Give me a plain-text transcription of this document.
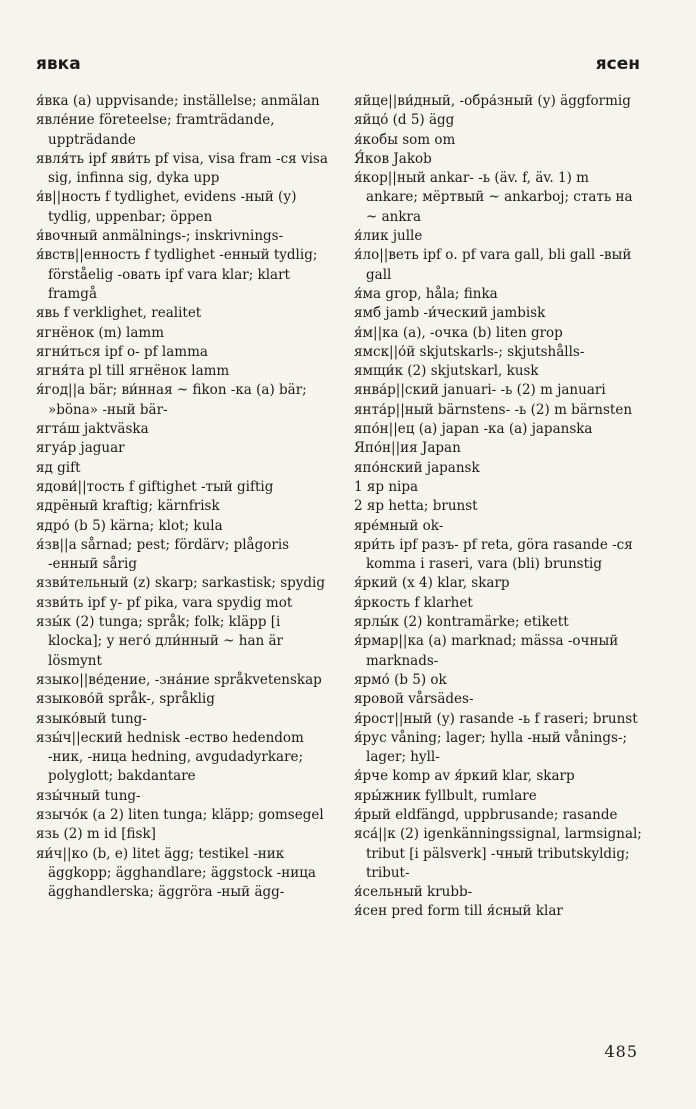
явка	ясен
я́вка (а) uppvisande; inställelse; anmälan
явле́ние företeelse; framträdande, uppträdande
явля́ть ipf яви́ть pf visa, visa fram -ся visa sig, infinna sig, dyka upp
я́в||ность f tydlighet, evidens -ный (у) tydlig, uppenbar; öppen
я́вочный anmälnings-; inskrivnings-
я́вств||енность f tydlighet -енный tydlig; förståelig -овать ipf vara klar; klart framgå
явь f verklighet, realitet
ягнёнок (m) lamm
ягни́ться ipf о- pf lamma
ягня́та pl till ягнёнок lamm
я́год||а bär; ви́нная ~ fikon -ка (а) bär; »böna» -ный bär-
ягта́ш jaktväska
ягуа́р jaguar
яд gift
ядови́||тость f giftighet -тый giftig
ядрёный kraftig; kärnfrisk
ядро́ (b 5) kärna; klot; kula
я́зв||а sårnad; pest; fördärv; plågoris -енный sårig
язви́тельный (z) skarp; sarkastisk; spydig
язви́ть ipf у- pf pika, vara spydig mot
язы́к (2) tunga; språk; folk; kläpp [i klocka]; у него́ дли́нный ~ han är lösmynt
языко||ве́дение, -зна́ние språkvetenskap
языково́й språk-, språklig
языко́вый tung-
язы́ч||еский hednisk -ество hedendom -ник, -ница hedning, avgudadyrkare; polyglott; bakdantare
язы́чный tung-
язычо́к (а 2) liten tunga; kläpp; gomsegel
язь (2) m id [fisk]
яи́ч||ко (b, e) litet ägg; testikel -ник äggkopp; ägghandlare; äggstock -ница ägghandlerska; äggröra -ный ägg-
яйце||ви́дный, -обра́зный (у) äggformig
яйцо́ (d 5) ägg
я́кобы som om
Я́ков Jakob
я́кор||ный ankar- -ь (äv. f, äv. 1) m ankare; мёртвый ~ ankarboj; стать на ~ ankra
я́лик julle
я́ло||веть ipf о. pf vara gall, bli gall -вый gall
я́ма grop, håla; finka
ямб jamb -и́ческий jambisk
я́м||ка (а), -очка (b) liten grop
ямск||о́й skjutskarls-; skjutshålls-
ямщи́к (2) skjutskarl, kusk
янва́р||ский januari- -ь (2) m januari
янта́р||ный bärnstens- -ь (2) m bärnsten
япо́н||ец (а) japan -ка (а) japanska
Япо́н||ия Japan
япо́нский japansk
1 яр nipa
2 яр hetta; brunst
яре́мный ok-
яри́ть ipf разъ- pf reta, göra rasande -ся komma i raseri, vara (bli) brunstig
я́ркий (x 4) klar, skarp
я́ркость f klarhet
ярлы́к (2) kontramärke; etikett
я́рмар||ка (а) marknad; mässa -очный marknads-
ярмо́ (b 5) ok
яровой vårsädes-
я́рост||ный (у) rasande -ь f raseri; brunst
я́рус våning; lager; hylla -ный vånings-; lager; hyll-
я́рче komp av я́ркий klar, skarp
яры́жник fyllbult, rumlare
я́рый eldfängd, uppbrusande; rasande
яса́||к (2) igenkänningssignal, larmsignal; tribut [i pälsverk] -чный tributskyldig; tribut-
я́сельный krubb-
я́сен pred form till я́сный klar
485
